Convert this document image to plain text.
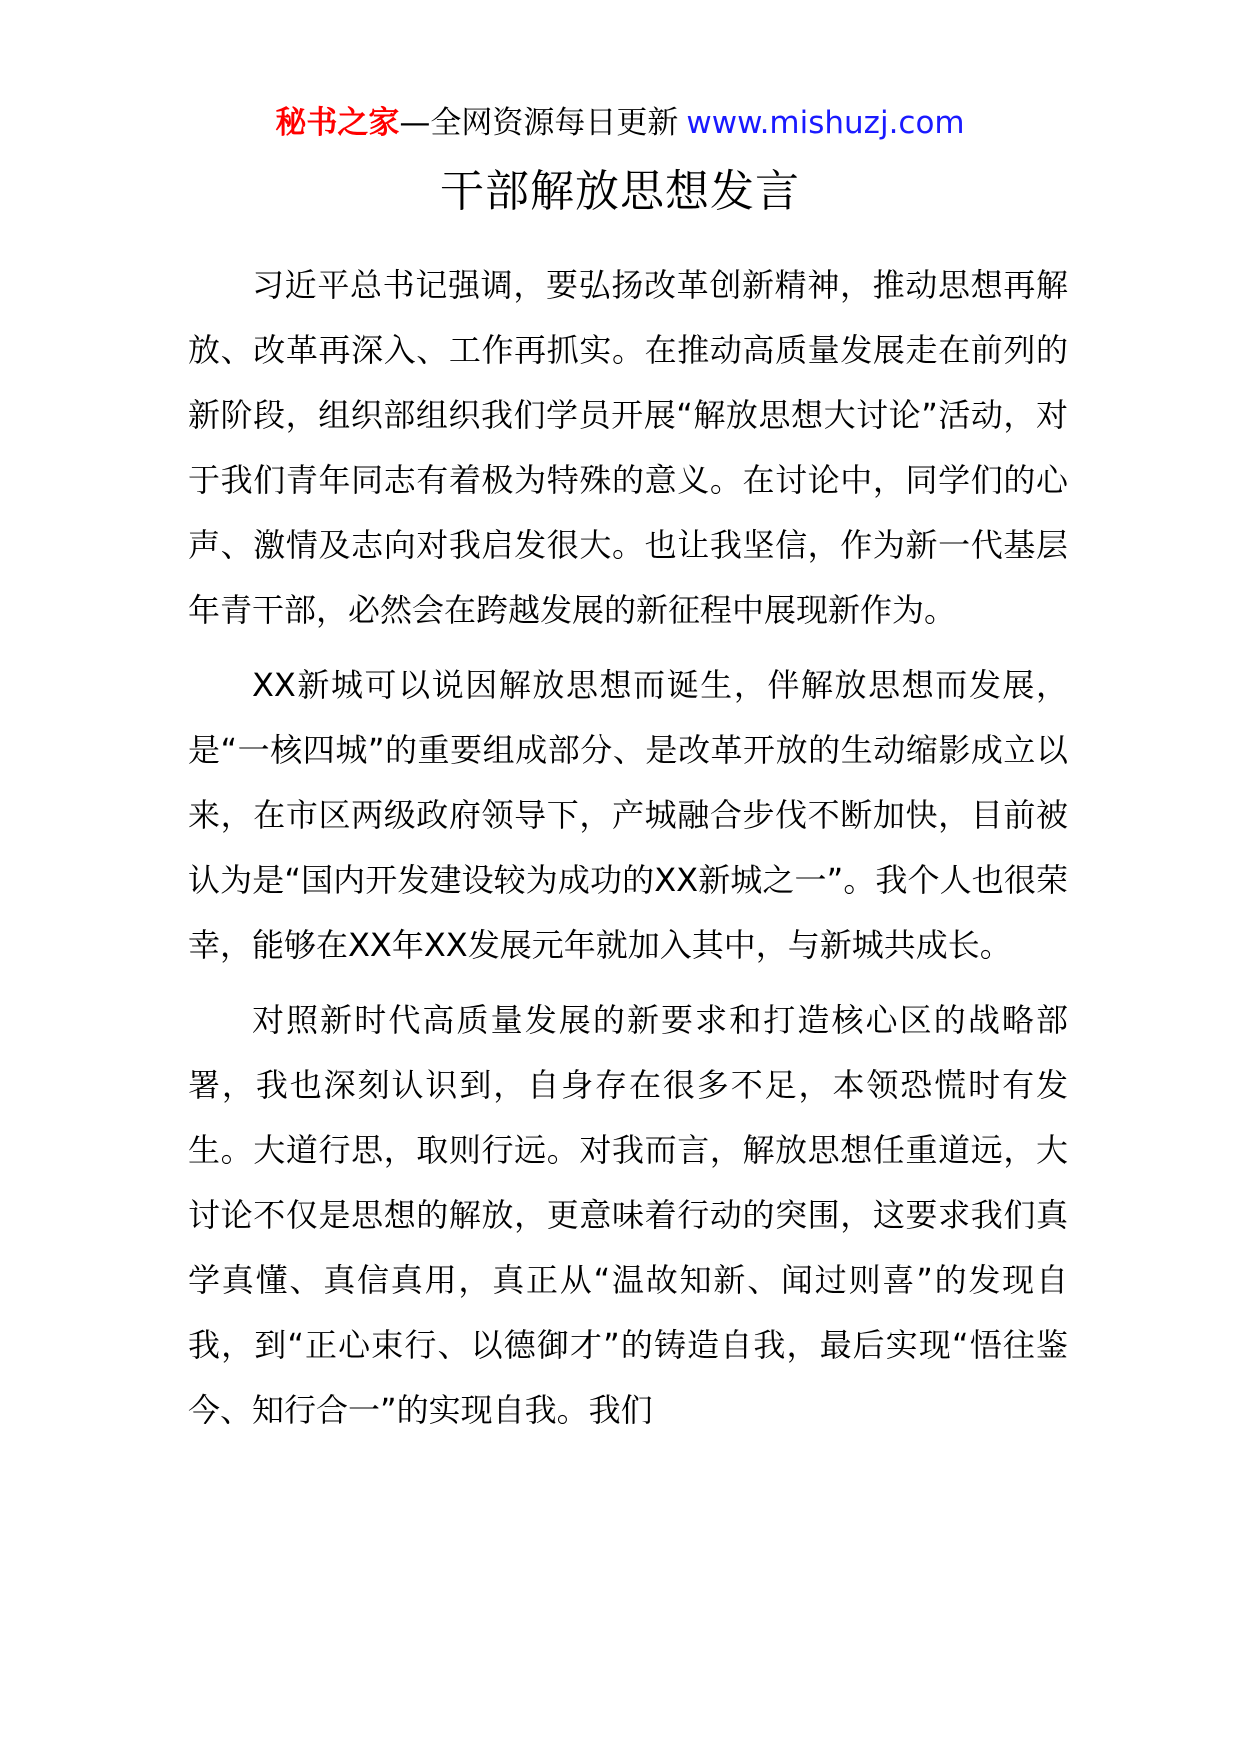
秘书之家—全网资源每日更新 www.mishuzj.com
干部解放思想发言

习近平总书记强调，要弘扬改革创新精神，推动思想再解放、改革再深入、工作再抓实。在推动高质量发展走在前列的新阶段，组织部组织我们学员开展“解放思想大讨论”活动，对于我们青年同志有着极为特殊的意义。在讨论中，同学们的心声、激情及志向对我启发很大。也让我坚信，作为新一代基层年青干部，必然会在跨越发展的新征程中展现新作为。

XX新城可以说因解放思想而诞生，伴解放思想而发展，是“一核四城”的重要组成部分、是改革开放的生动缩影成立以来，在市区两级政府领导下，产城融合步伐不断加快，目前被认为是“国内开发建设较为成功的XX新城之一”。我个人也很荣幸，能够在XX年XX发展元年就加入其中，与新城共成长。

对照新时代高质量发展的新要求和打造核心区的战略部署，我也深刻认识到，自身存在很多不足，本领恐慌时有发生。大道行思，取则行远。对我而言，解放思想任重道远，大讨论不仅是思想的解放，更意味着行动的突围，这要求我们真学真懂、真信真用，真正从“温故知新、闻过则喜”的发现自我，到“正心束行、以德御才”的铸造自我，最后实现“悟往鉴今、知行合一”的实现自我。我们
